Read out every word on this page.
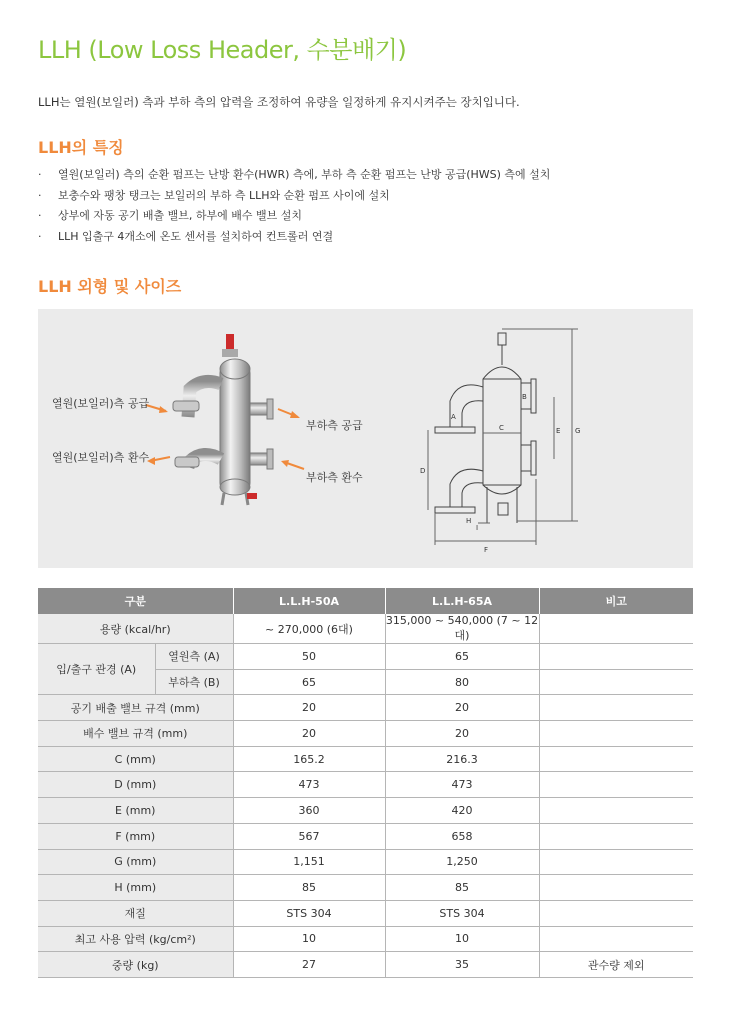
LLH (Low Loss Header, 수분배기)

LLH는 열원(보일러) 측과 부하 측의 압력을 조정하여 유량을 일정하게 유지시켜주는 장치입니다.

LLH의 특징
·	열원(보일러) 측의 순환 펌프는 난방 환수(HWR) 측에, 부하 측 순환 펌프는 난방 공급(HWS) 측에 설치
·	보충수와 팽창 탱크는 보일러의 부하 측 LLH와 순환 펌프 사이에 설치
·	상부에 자동 공기 배출 밸브, 하부에 배수 밸브 설치
·	LLH 입출구 4개소에 온도 센서를 설치하여 컨트롤러 연결
LLH 외형 및 사이즈
열원(보일러)측 공급
열원(보일러)측 환수
부하측 공급
부하측 환수
A
B
C
D
E
F
G
H
I
구분		L.L.H-50A	L.L.H-65A	비고
용량 (kcal/hr)		~ 270,000 (6대)	315,000 ~ 540,000 (7 ~ 12대)	
입/출구 관경 (A)	열원측 (A)	50	65	
	부하측 (B)	65	80	
공기 배출 밸브 규격 (mm)		20	20	
배수 밸브 규격 (mm)		20	20	
C (mm)		165.2	216.3	
D (mm)		473	473	
E (mm)		360	420	
F (mm)		567	658	
G (mm)		1,151	1,250	
H (mm)		85	85	
재질		STS 304	STS 304	
최고 사용 압력 (kg/cm²)		10	10	
중량 (kg)		27	35	관수량 제외
